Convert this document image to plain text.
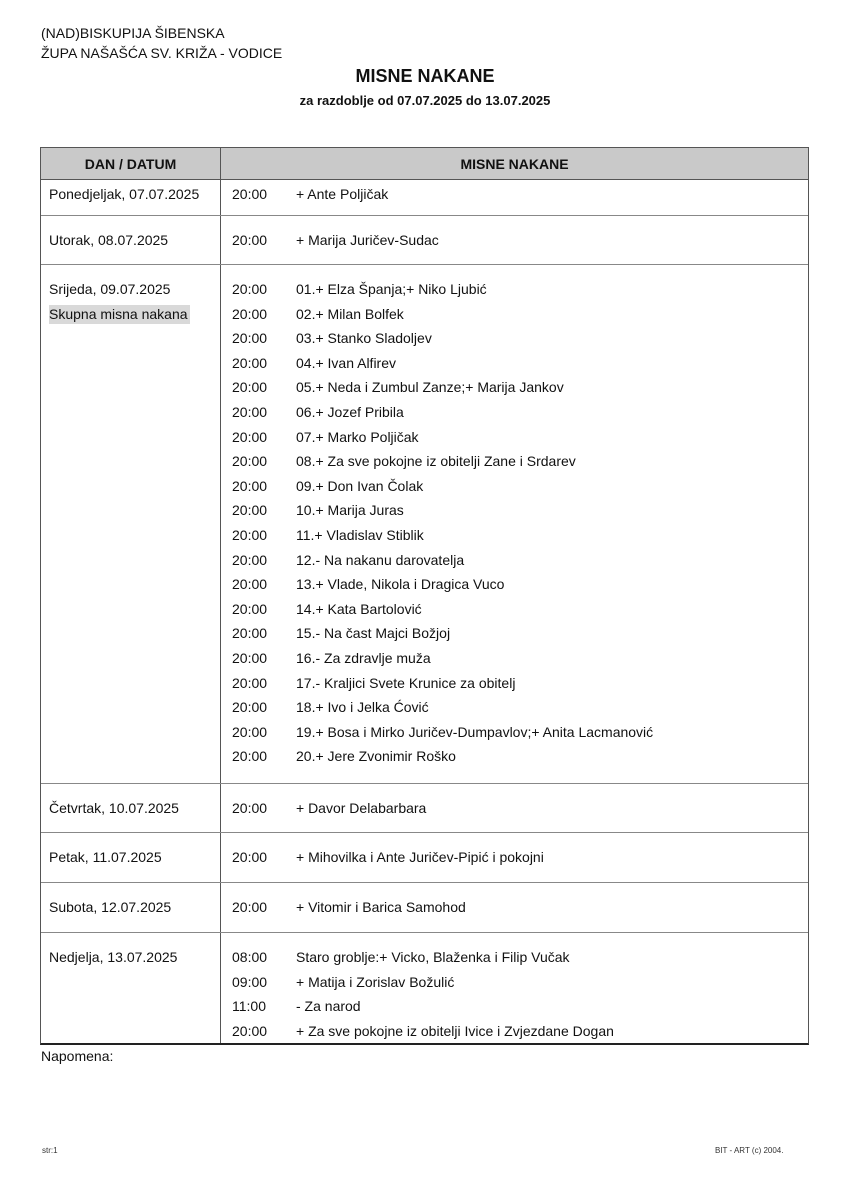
(NAD)BISKUPIJA ŠIBENSKA
ŽUPA NAŠAŠĆA SV. KRIŽA - VODICE
MISNE NAKANE
za razdoblje od 07.07.2025 do 13.07.2025
DAN / DATUM	MISNE NAKANE
Ponedjeljak, 07.07.2025	20:00	+ Ante Poljičak
Utorak, 08.07.2025	20:00	+ Marija Juričev-Sudac
Srijeda, 09.07.2025
Skupna misna nakana
20:00	01.+ Elza Španja;+ Niko Ljubić
20:00	02.+ Milan Bolfek
20:00	03.+ Stanko Sladoljev
20:00	04.+ Ivan Alfirev
20:00	05.+ Neda i Zumbul Zanze;+ Marija Jankov
20:00	06.+ Jozef Pribila
20:00	07.+ Marko Poljičak
20:00	08.+ Za sve pokojne iz obitelji Zane i Srdarev
20:00	09.+ Don Ivan Čolak
20:00	10.+ Marija Juras
20:00	11.+ Vladislav Stiblik
20:00	12.- Na nakanu darovatelja
20:00	13.+ Vlade, Nikola i Dragica Vuco
20:00	14.+ Kata Bartolović
20:00	15.- Na čast Majci Božjoj
20:00	16.- Za zdravlje muža
20:00	17.- Kraljici Svete Krunice za obitelj
20:00	18.+ Ivo i Jelka Ćović
20:00	19.+ Bosa i Mirko Juričev-Dumpavlov;+ Anita Lacmanović
20:00	20.+ Jere Zvonimir Roško
Četvrtak, 10.07.2025	20:00	+ Davor Delabarbara
Petak, 11.07.2025	20:00	+ Mihovilka i Ante Juričev-Pipić i pokojni
Subota, 12.07.2025	20:00	+ Vitomir i Barica Samohod
Nedjelja, 13.07.2025	08:00	Staro groblje:+ Vicko, Blaženka i Filip Vučak
09:00	+ Matija i Zorislav Božulić
11:00	- Za narod
20:00	+ Za sve pokojne iz obitelji Ivice i Zvjezdane Dogan
Napomena:
str:1	BIT - ART (c) 2004.
